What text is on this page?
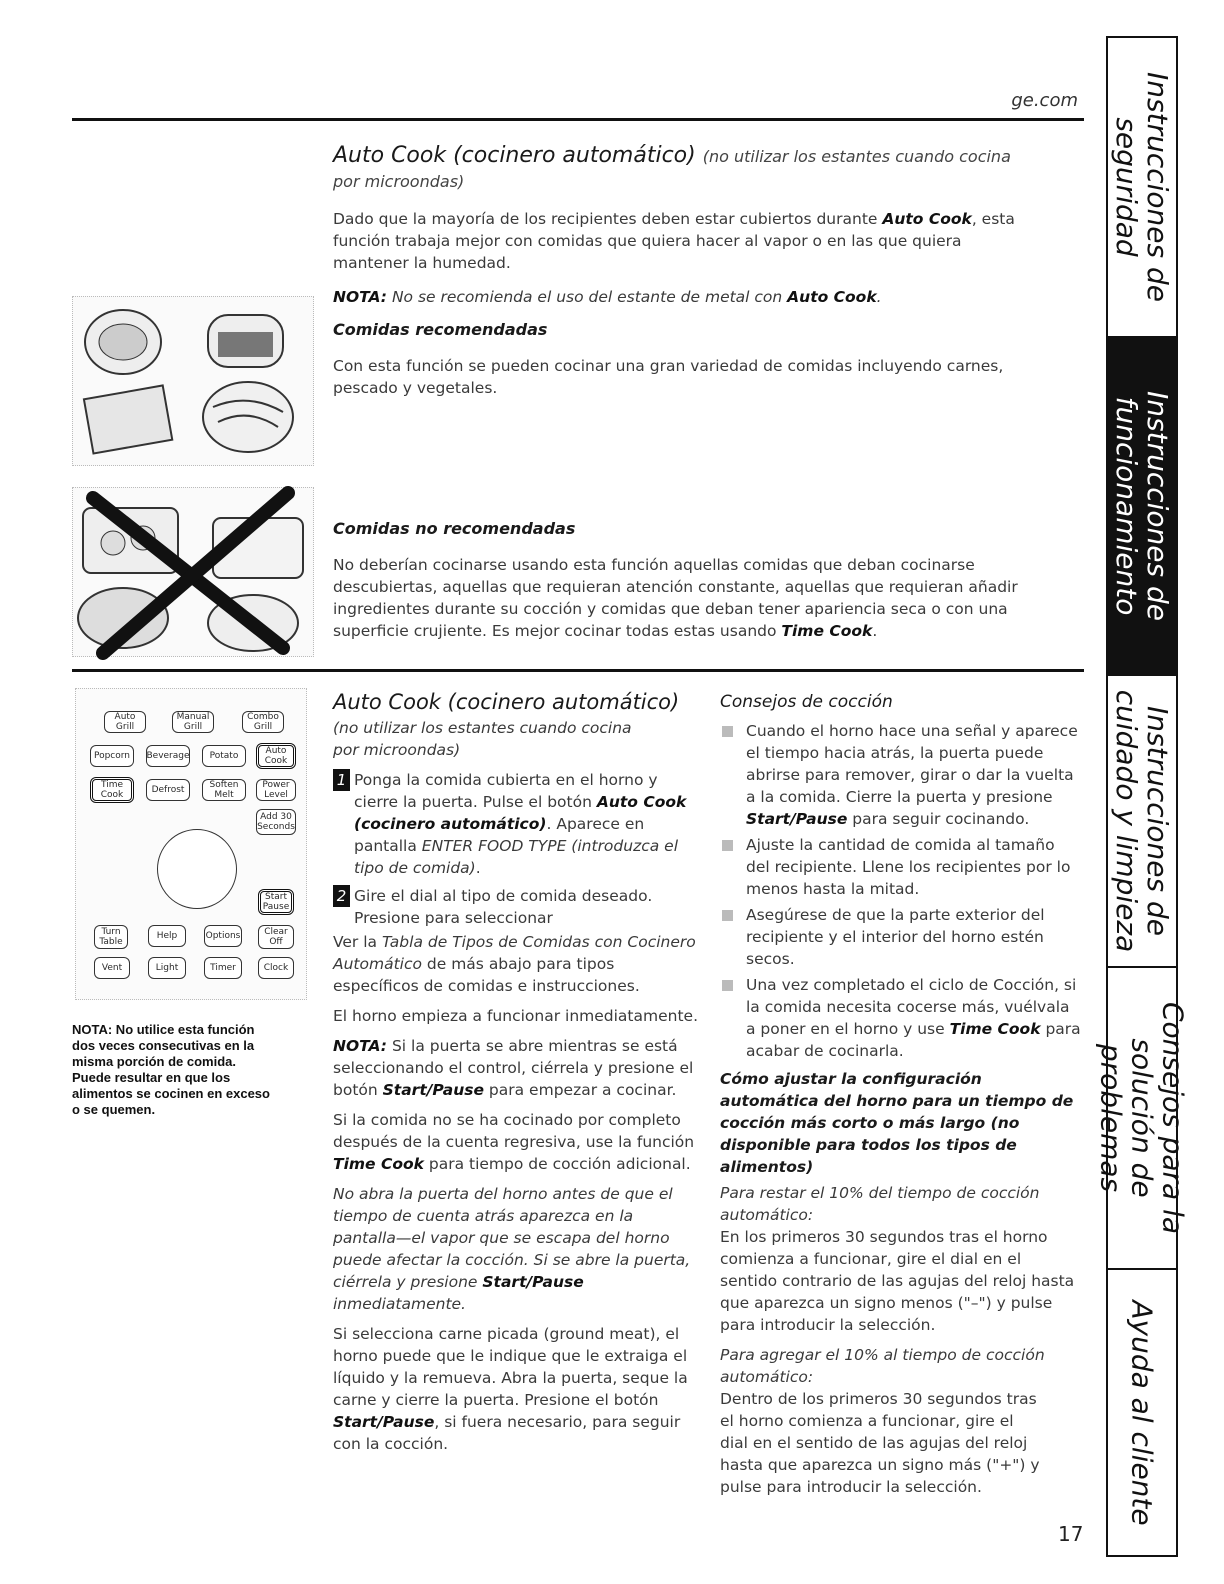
ge.com
Auto Cook (cocinero automático) (no utilizar los estantes cuando cocina
por microondas)

Dado que la mayoría de los recipientes deben estar cubiertos durante Auto Cook, esta función trabaja mejor con comidas que quiera hacer al vapor o en las que quiera mantener la humedad.

NOTA: No se recomienda el uso del estante de metal con Auto Cook.

Comidas recomendadas

Con esta función se pueden cocinar una gran variedad de comidas incluyendo carnes, pescado y vegetales.

Comidas no recomendadas

No deberían cocinarse usando esta función aquellas comidas que deban cocinarse descubiertas, aquellas que requieran atención constante, aquellas que requieran añadir ingredientes durante su cocción y comidas que deban tener apariencia seca o con una superficie crujiente. Es mejor cocinar todas estas usando Time Cook.

Auto Grill
Manual Grill
Combo Grill
Popcorn	Beverage	Potato	Auto Cook
Time Cook	Defrost	Soften Melt
Power Level
Add 30 Seconds
Start Pause
Turn Table
Help	Options	Clear Off
Vent	Light	Timer	Clock
NOTA: No utilice esta función dos veces consecutivas en la misma porción de comida. Puede resultar en que los alimentos se cocinen en exceso o se quemen.
Auto Cook (cocinero automático)

(no utilizar los estantes cuando cocina

por microondas)

1 Ponga la comida cubierta en el horno y cierre la puerta. Pulse el botón Auto Cook (cocinero automático). Aparece en pantalla ENTER FOOD TYPE (introduzca el tipo de comida).

2 Gire el dial al tipo de comida deseado. Presione para seleccionar

Ver la Tabla de Tipos de Comidas con Cocinero Automático de más abajo para tipos específicos de comidas e instrucciones.

El horno empieza a funcionar inmediatamente.

NOTA: Si la puerta se abre mientras se está seleccionando el control, ciérrela y presione el botón Start/Pause para empezar a cocinar.

Si la comida no se ha cocinado por completo después de la cuenta regresiva, use la función Time Cook para tiempo de cocción adicional.

No abra la puerta del horno antes de que el tiempo de cuenta atrás aparezca en la pantalla—el vapor que se escapa del horno puede afectar la cocción. Si se abre la puerta, ciérrela y presione Start/Pause inmediatamente.

Si selecciona carne picada (ground meat), el horno puede que le indique que le extraiga el líquido y la remueva. Abra la puerta, seque la carne y cierre la puerta. Presione el botón Start/Pause, si fuera necesario, para seguir con la cocción.

Consejos de cocción

Cuando el horno hace una señal y aparece el tiempo hacia atrás, la puerta puede abrirse para remover, girar o dar la vuelta a la comida. Cierre la puerta y presione Start/Pause para seguir cocinando.

Ajuste la cantidad de comida al tamaño del recipiente. Llene los recipientes por lo menos hasta la mitad.

Asegúrese de que la parte exterior del recipiente y el interior del horno estén secos.

Una vez completado el ciclo de Cocción, si la comida necesita cocerse más, vuélvala a poner en el horno y use Time Cook para acabar de cocinarla.

Cómo ajustar la configuración automática del horno para un tiempo de cocción más corto o más largo (no disponible para todos los tipos de alimentos)

Para restar el 10% del tiempo de cocción automático:

En los primeros 30 segundos tras el horno comienza a funcionar, gire el dial en el sentido contrario de las agujas del reloj hasta que aparezca un signo menos ("–") y pulse para introducir la selección.

Para agregar el 10% al tiempo de cocción automático:

Dentro de los primeros 30 segundos tras el horno comienza a funcionar, gire el dial en el sentido de las agujas del reloj hasta que aparezca un signo más ("+") y pulse para introducir la selección.

17
Instrucciones de seguridad
Instrucciones de funcionamiento
Instrucciones de cuidado y limpieza
Consejos para la solución de problemas
Ayuda al cliente
